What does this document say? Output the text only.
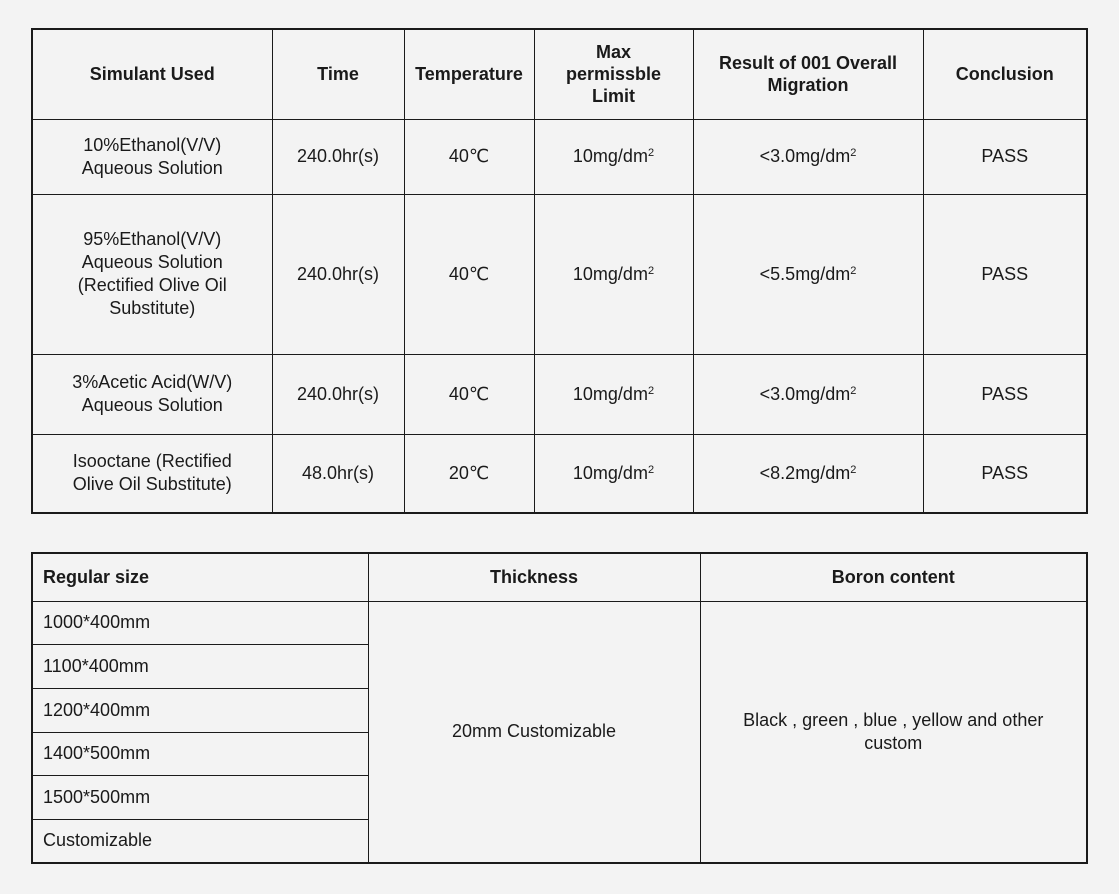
Simulant Used	Time	Temperature	Max
permissble
Limit	Result of 001 Overall
Migration	Conclusion
10%Ethanol(V/V)
Aqueous Solution	240.0hr(s)	40℃	$10mg/dm^2$	$<3.0mg/dm^2$	PASS
95%Ethanol(V/V)
Aqueous Solution
(Rectified Olive Oil
Substitute)	240.0hr(s)	40℃	$10mg/dm^2$	$<5.5mg/dm^2$	PASS
3%Acetic Acid(W/V)
Aqueous Solution	240.0hr(s)	40℃	$10mg/dm^2$	$<3.0mg/dm^2$	PASS
Isooctane (Rectified
Olive Oil Substitute)	48.0hr(s)	20℃	$10mg/dm^2$	$<8.2mg/dm^2$	PASS
Regular size	Thickness	Boron content
1000*400mm	20mm Customizable	Black , green , blue , yellow and other
custom
1100*400mm		
1200*400mm		
1400*500mm		
1500*500mm		
Customizable		
